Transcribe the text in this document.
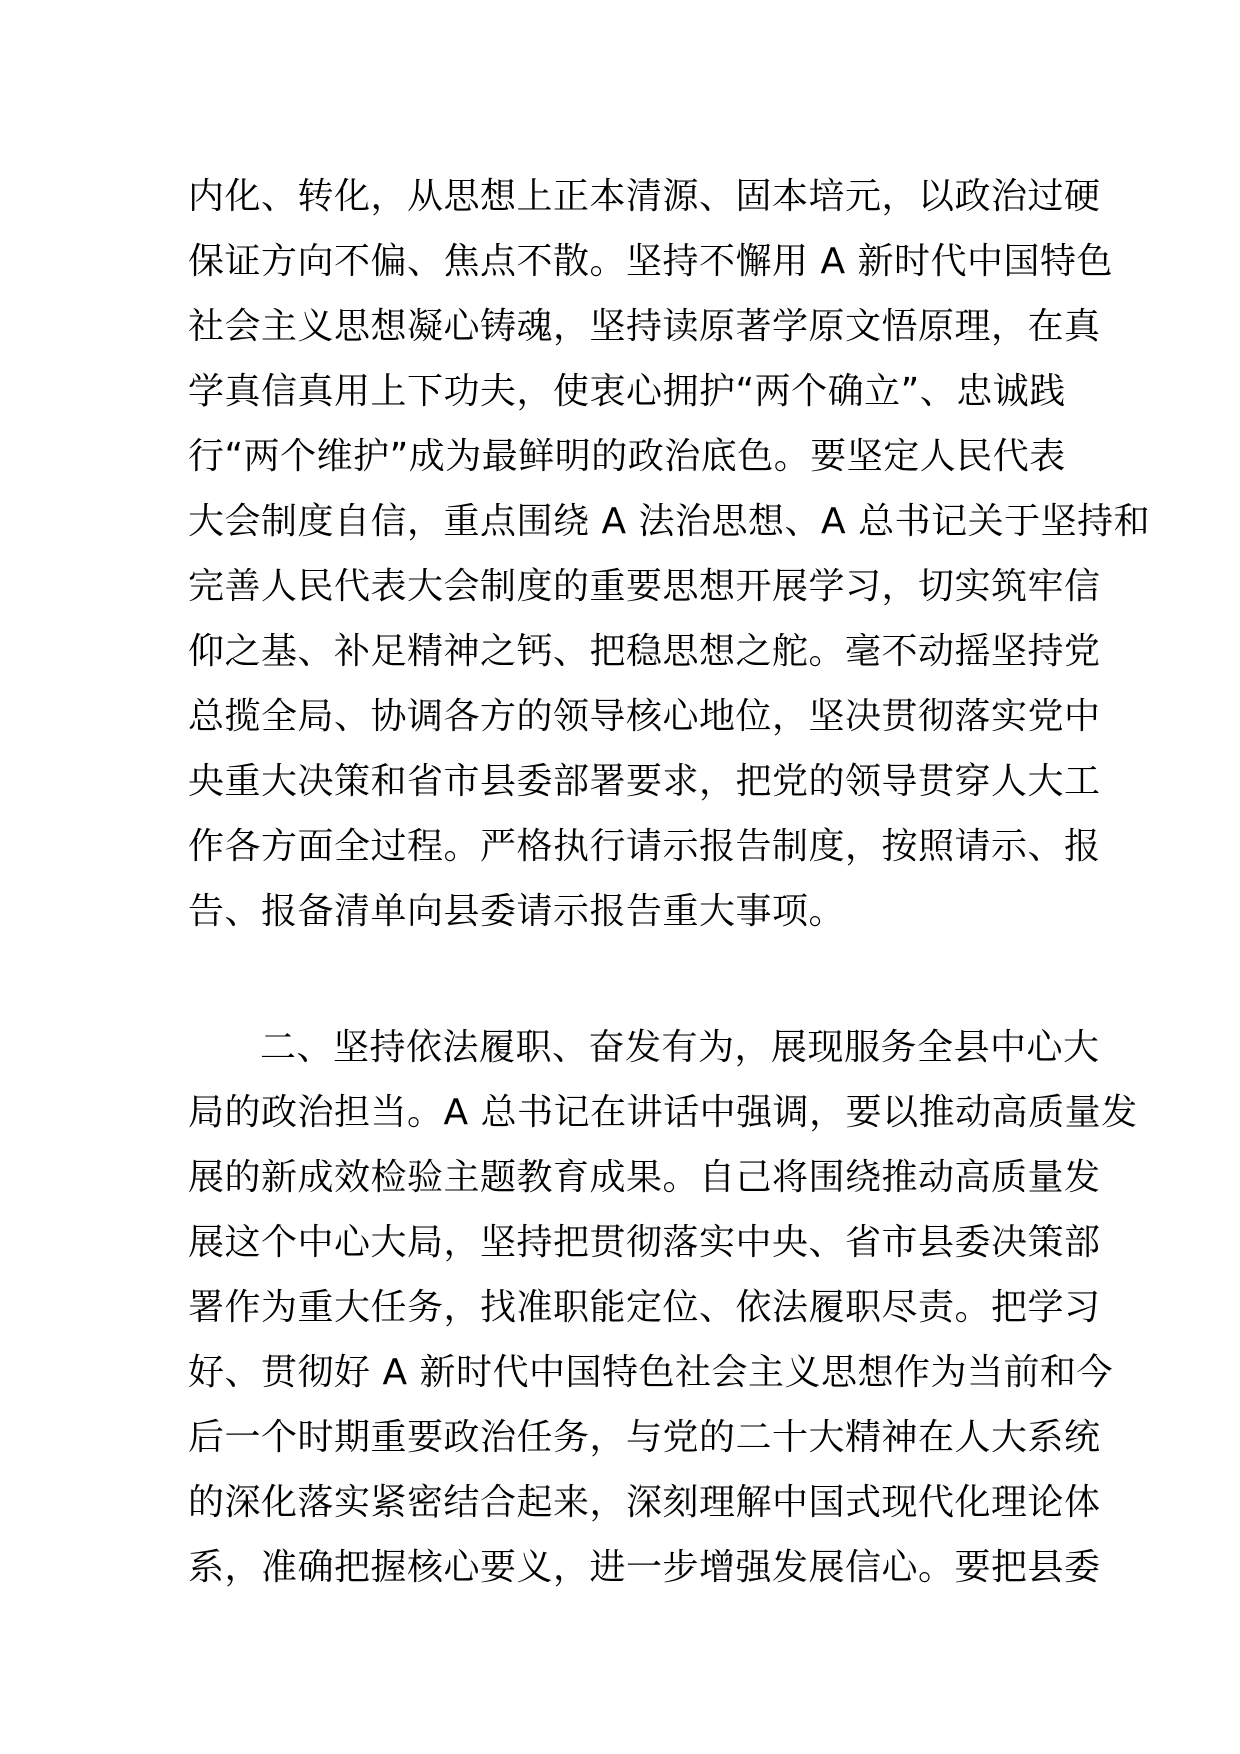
内化、转化，从思想上正本清源、固本培元，以政治过硬
保证方向不偏、焦点不散。坚持不懈用 A 新时代中国特色
社会主义思想凝心铸魂，坚持读原著学原文悟原理，在真
学真信真用上下功夫，使衷心拥护“两个确立”、忠诚践
行“两个维护”成为最鲜明的政治底色。要坚定人民代表
大会制度自信，重点围绕 A 法治思想、A 总书记关于坚持和
完善人民代表大会制度的重要思想开展学习，切实筑牢信
仰之基、补足精神之钙、把稳思想之舵。毫不动摇坚持党
总揽全局、协调各方的领导核心地位，坚决贯彻落实党中
央重大决策和省市县委部署要求，把党的领导贯穿人大工
作各方面全过程。严格执行请示报告制度，按照请示、报
告、报备清单向县委请示报告重大事项。
二、坚持依法履职、奋发有为，展现服务全县中心大
局的政治担当。A 总书记在讲话中强调，要以推动高质量发
展的新成效检验主题教育成果。自己将围绕推动高质量发
展这个中心大局，坚持把贯彻落实中央、省市县委决策部
署作为重大任务，找准职能定位、依法履职尽责。把学习
好、贯彻好 A 新时代中国特色社会主义思想作为当前和今
后一个时期重要政治任务，与党的二十大精神在人大系统
的深化落实紧密结合起来，深刻理解中国式现代化理论体
系，准确把握核心要义，进一步增强发展信心。要把县委
